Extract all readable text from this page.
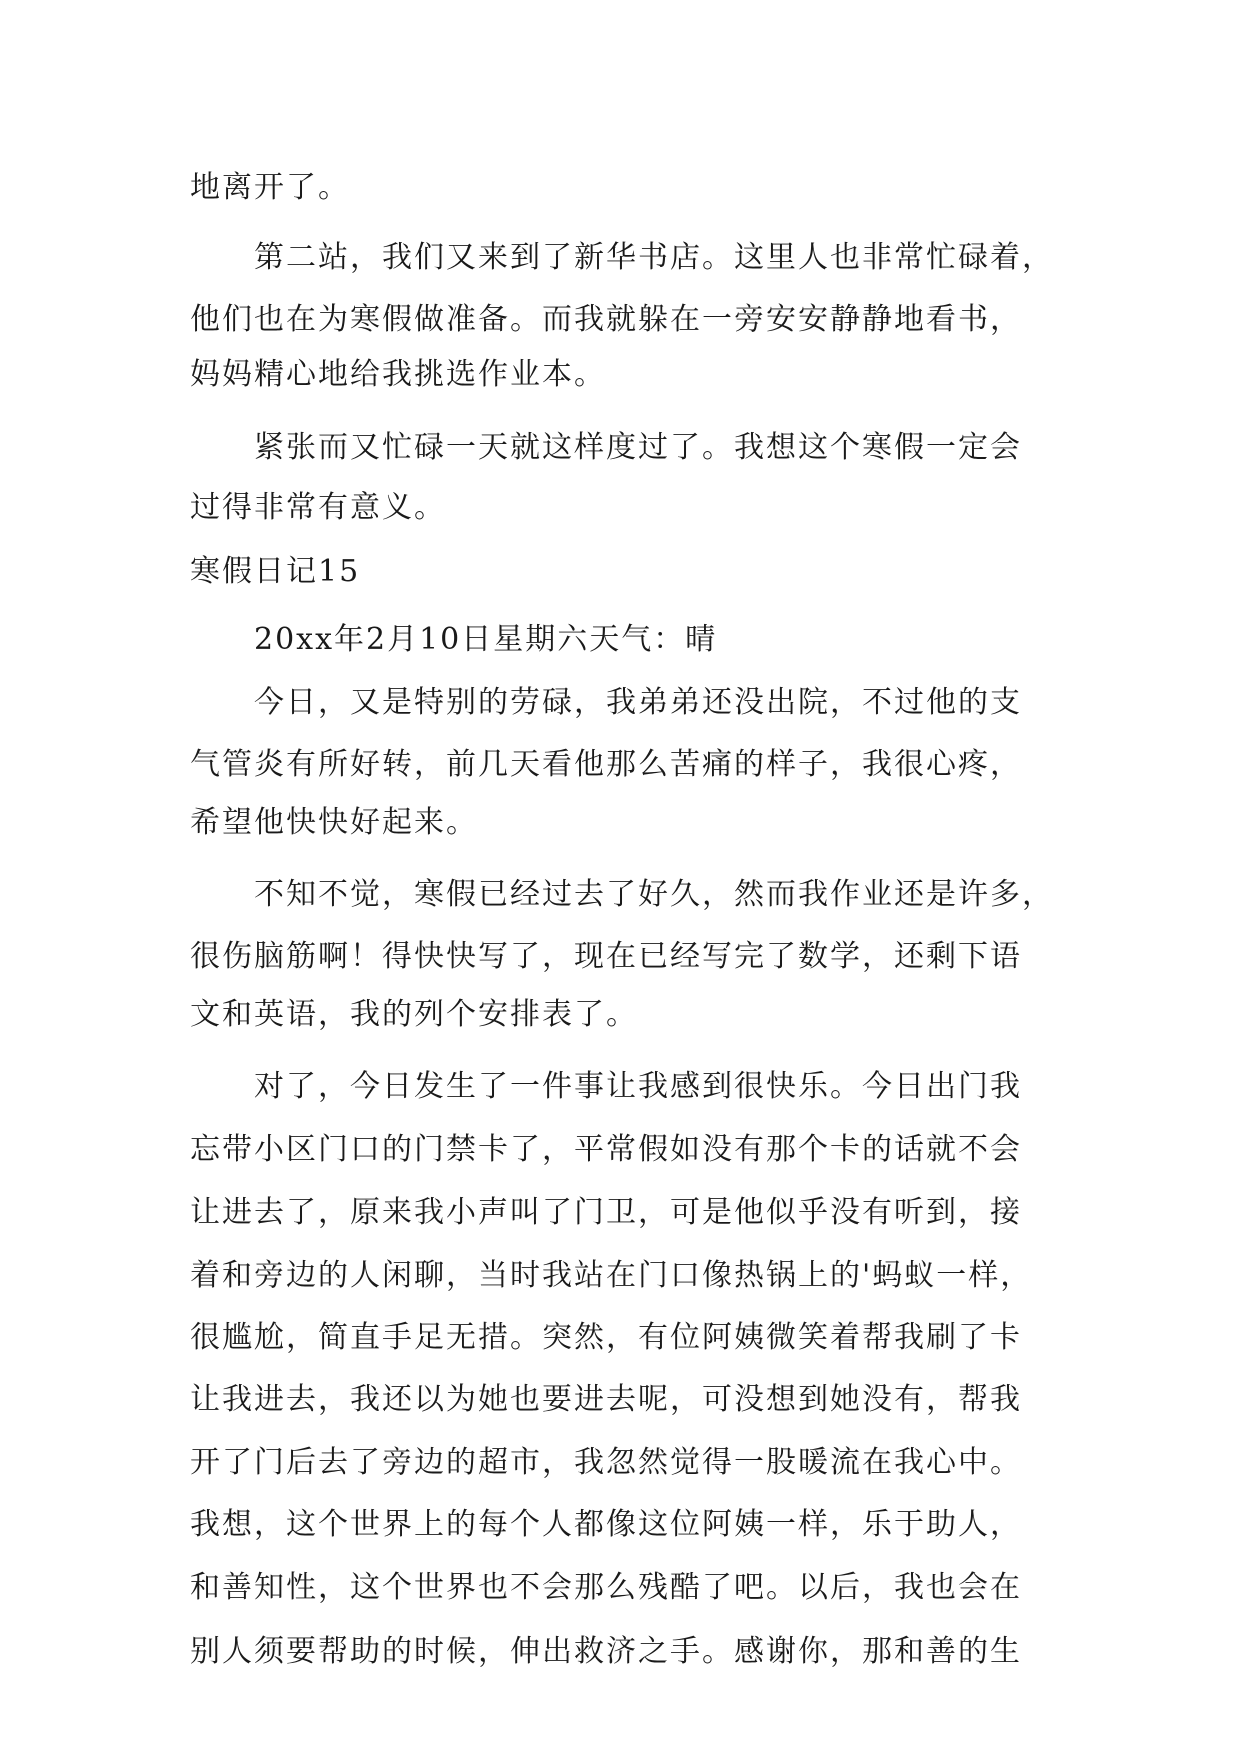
地离开了。
第二站，我们又来到了新华书店。这里人也非常忙碌着，
他们也在为寒假做准备。而我就躲在一旁安安静静地看书，
妈妈精心地给我挑选作业本。
紧张而又忙碌一天就这样度过了。我想这个寒假一定会
过得非常有意义。
寒假日记15
20xx年2月10日星期六天气：晴
今日，又是特别的劳碌，我弟弟还没出院，不过他的支
气管炎有所好转，前几天看他那么苦痛的样子，我很心疼，
希望他快快好起来。
不知不觉，寒假已经过去了好久，然而我作业还是许多，
很伤脑筋啊！得快快写了，现在已经写完了数学，还剩下语
文和英语，我的列个安排表了。
对了，今日发生了一件事让我感到很快乐。今日出门我
忘带小区门口的门禁卡了，平常假如没有那个卡的话就不会
让进去了，原来我小声叫了门卫，可是他似乎没有听到，接
着和旁边的人闲聊，当时我站在门口像热锅上的'蚂蚁一样，
很尴尬，简直手足无措。突然，有位阿姨微笑着帮我刷了卡
让我进去，我还以为她也要进去呢，可没想到她没有，帮我
开了门后去了旁边的超市，我忽然觉得一股暖流在我心中。
我想，这个世界上的每个人都像这位阿姨一样，乐于助人，
和善知性，这个世界也不会那么残酷了吧。以后，我也会在
别人须要帮助的时候，伸出救济之手。感谢你，那和善的生
